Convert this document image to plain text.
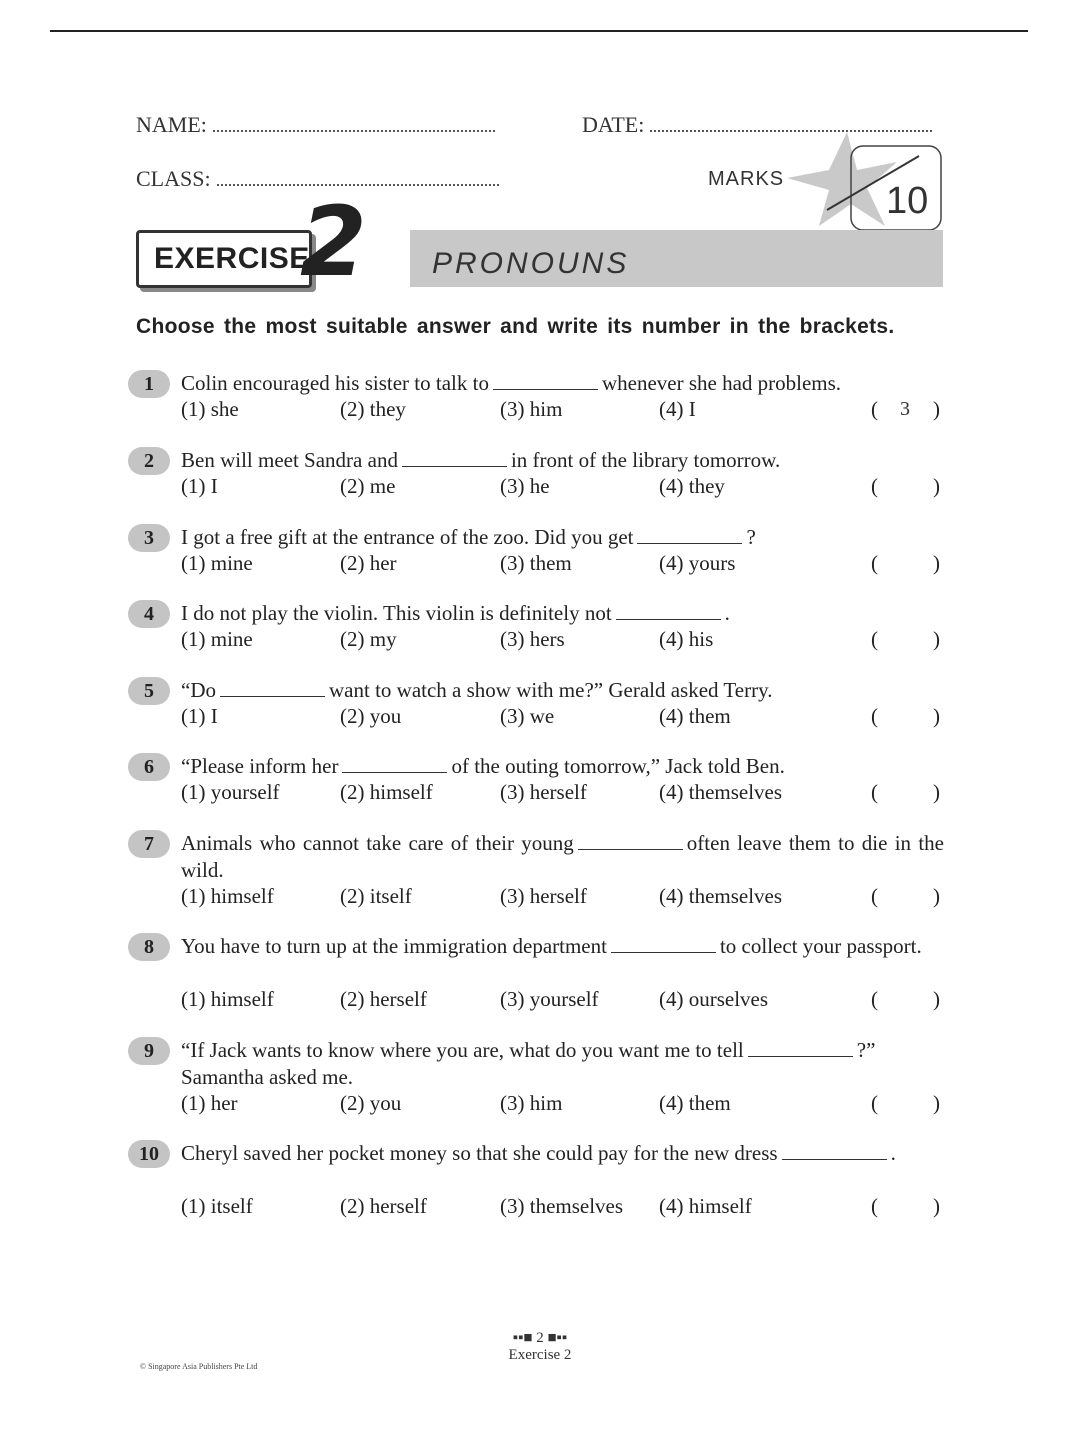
NAME:	DATE:
CLASS:	MARKS
10
EXERCISE
2 PRONOUNS
Choose the most suitable answer and write its number in the brackets.
1	Colin encouraged his sister to talk to	whenever she had problems.
(1) she	(2) they	(3) him	(4) I	( 3 )
2	Ben will meet Sandra and	in front of the library tomorrow.
(1) I	(2) me	(3) he	(4) they	(	)
3	I got a free gift at the entrance of the zoo. Did you get	?
(1) mine	(2) her	(3) them	(4) yours	(	)
4	I do not play the violin. This violin is definitely not	.
(1) mine	(2) my	(3) hers	(4) his	(	)
5	“Do	want to watch a show with me?” Gerald asked Terry.
(1) I	(2) you	(3) we	(4) them	(	)
6	“Please inform her	of the outing tomorrow,” Jack told Ben.
(1) yourself	(2) himself	(3) herself	(4) themselves	(	)
7	Animals who cannot take care of their young	often leave them to die in the wild.
(1) himself	(2) itself	(3) herself	(4) themselves	(	)
8	You have to turn up at the immigration department	to collect your passport.
(1) himself	(2) herself	(3) yourself	(4) ourselves	(	)
9	“If Jack wants to know where you are, what do you want me to tell	?” Samantha asked me.
(1) her	(2) you	(3) him	(4) them	(	)
10	Cheryl saved her pocket money so that she could pay for the new dress	.
(1) itself	(2) herself	(3) themselves (4) himself	(	)
▪▪■ 2 ■▪▪
Exercise 2
© Singapore Asia Publishers Pte Ltd
